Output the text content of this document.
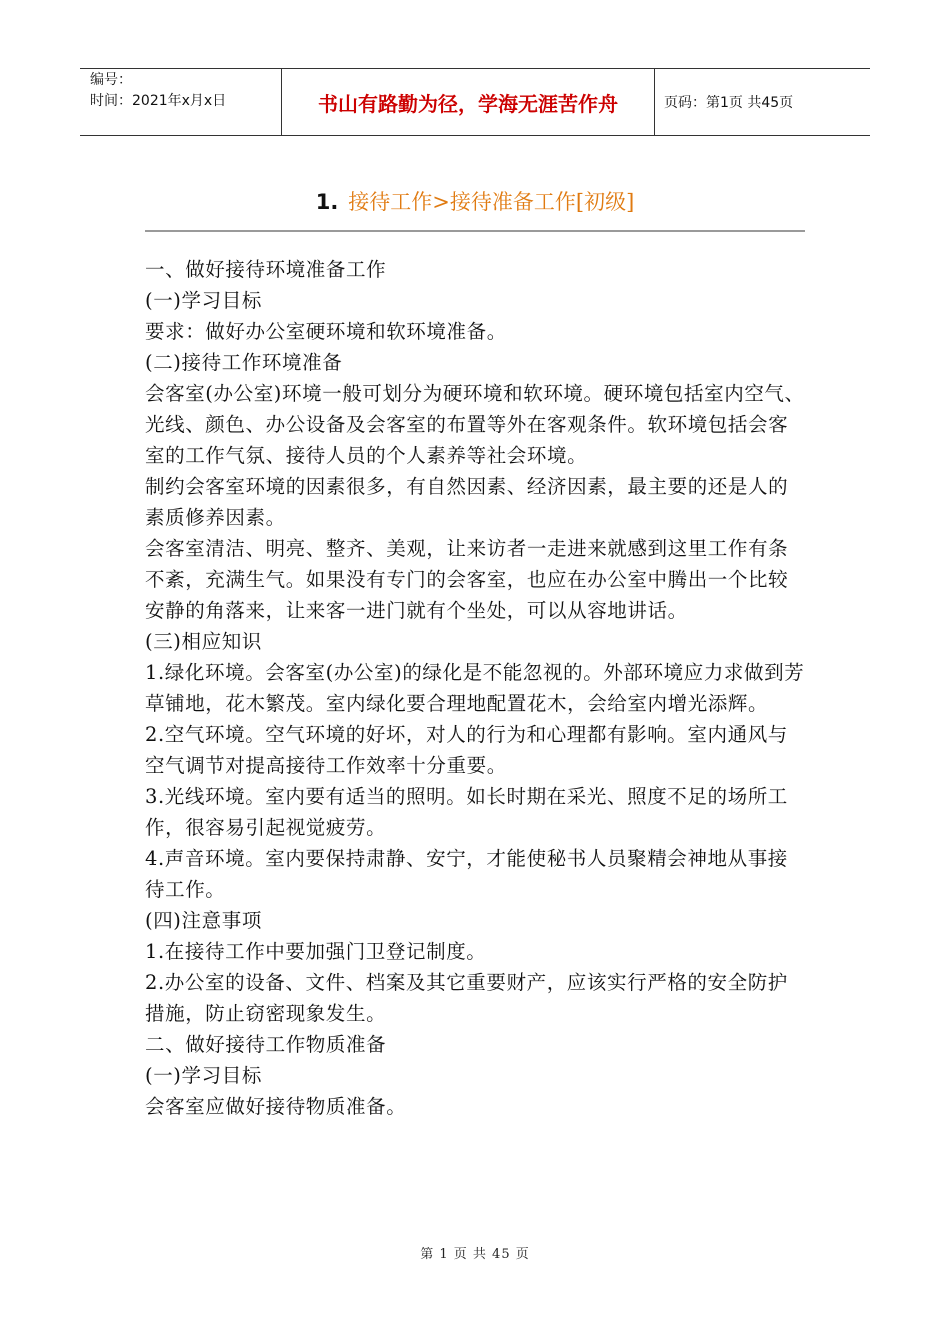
编号：
时间：2021年x月x日	书山有路勤为径，学海无涯苦作舟	页码：第1页 共45页
1. 接待工作>接待准备工作[初级]

一、做好接待环境准备工作

(一)学习目标

要求：做好办公室硬环境和软环境准备。

(二)接待工作环境准备

会客室(办公室)环境一般可划分为硬环境和软环境。硬环境包括室内空气、光线、颜色、办公设备及会客室的布置等外在客观条件。软环境包括会客室的工作气氛、接待人员的个人素养等社会环境。

制约会客室环境的因素很多，有自然因素、经济因素，最主要的还是人的素质修养因素。

会客室清洁、明亮、整齐、美观，让来访者一走进来就感到这里工作有条不紊，充满生气。如果没有专门的会客室，也应在办公室中腾出一个比较安静的角落来，让来客一进门就有个坐处，可以从容地讲话。

(三)相应知识

1.绿化环境。会客室(办公室)的绿化是不能忽视的。外部环境应力求做到芳草铺地，花木繁茂。室内绿化要合理地配置花木，会给室内增光添辉。

2.空气环境。空气环境的好坏，对人的行为和心理都有影响。室内通风与空气调节对提高接待工作效率十分重要。

3.光线环境。室内要有适当的照明。如长时期在采光、照度不足的场所工作，很容易引起视觉疲劳。

4.声音环境。室内要保持肃静、安宁，才能使秘书人员聚精会神地从事接待工作。

(四)注意事项

1.在接待工作中要加强门卫登记制度。

2.办公室的设备、文件、档案及其它重要财产，应该实行严格的安全防护措施，防止窃密现象发生。

二、做好接待工作物质准备

(一)学习目标

会客室应做好接待物质准备。

第 1 页 共 45 页
